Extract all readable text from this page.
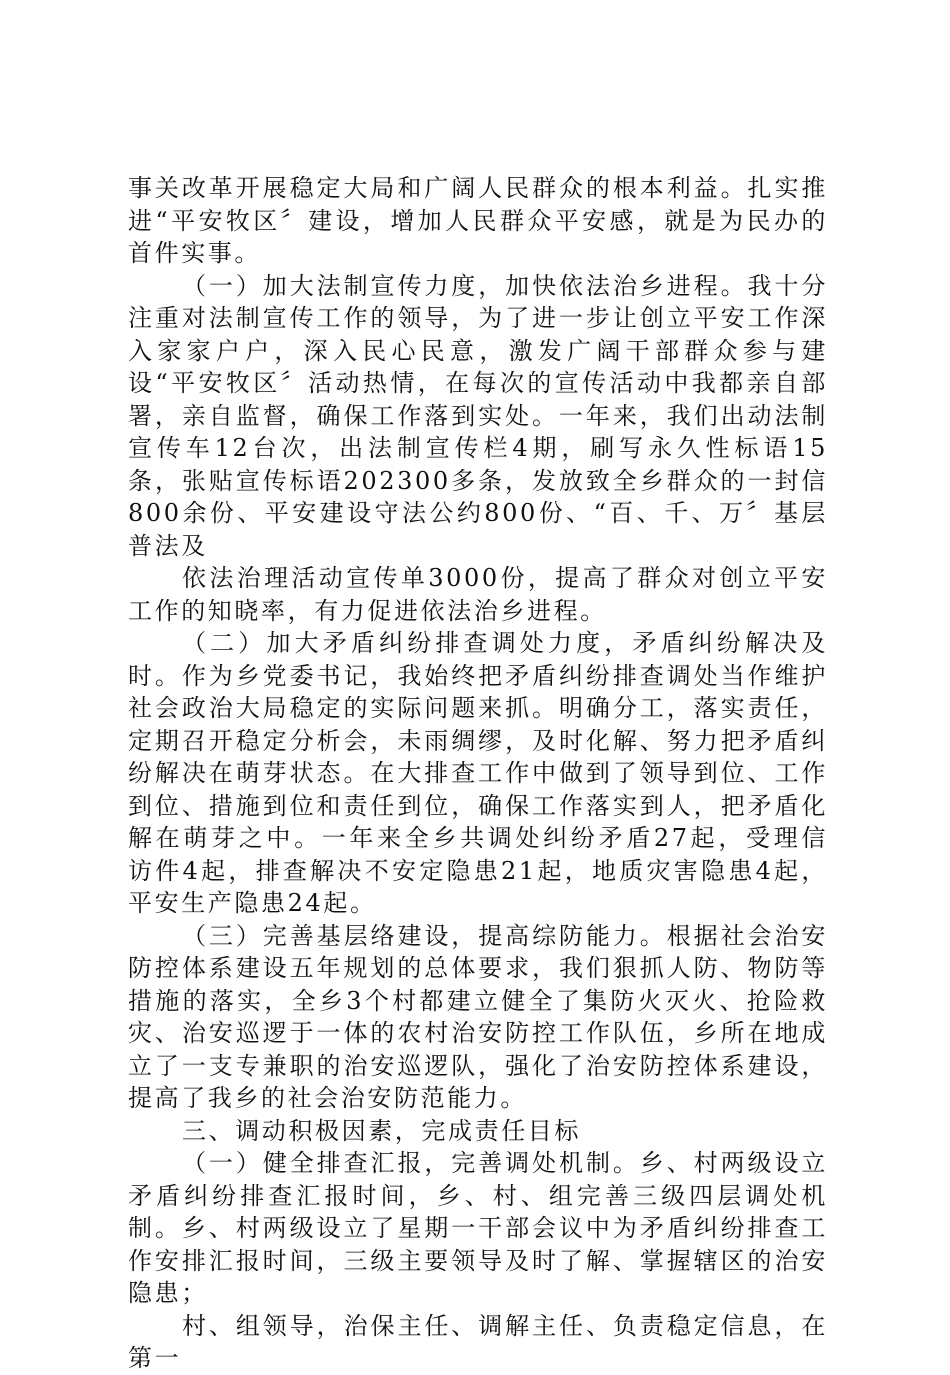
事关改革开展稳定大局和广阔人民群众的根本利益。扎实推进“平安牧区〞建设，增加人民群众平安感，就是为民办的首件实事。

（一）加大法制宣传力度，加快依法治乡进程。我十分注重对法制宣传工作的领导，为了进一步让创立平安工作深入家家户户，深入民心民意，激发广阔干部群众参与建设“平安牧区〞活动热情，在每次的宣传活动中我都亲自部署，亲自监督，确保工作落到实处。一年来，我们出动法制宣传车12台次，出法制宣传栏4期，刷写永久性标语15条，张贴宣传标语202300多条，发放致全乡群众的一封信800余份、平安建设守法公约800份、“百、千、万〞基层普法及

依法治理活动宣传单3000份，提高了群众对创立平安工作的知晓率，有力促进依法治乡进程。

（二）加大矛盾纠纷排查调处力度，矛盾纠纷解决及时。作为乡党委书记，我始终把矛盾纠纷排查调处当作维护社会政治大局稳定的实际问题来抓。明确分工，落实责任，定期召开稳定分析会，未雨绸缪，及时化解、努力把矛盾纠纷解决在萌芽状态。在大排查工作中做到了领导到位、工作到位、措施到位和责任到位，确保工作落实到人，把矛盾化解在萌芽之中。一年来全乡共调处纠纷矛盾27起，受理信访件4起，排查解决不安定隐患21起，地质灾害隐患4起，平安生产隐患24起。

（三）完善基层络建设，提高综防能力。根据社会治安防控体系建设五年规划的总体要求，我们狠抓人防、物防等措施的落实，全乡3个村都建立健全了集防火灭火、抢险救灾、治安巡逻于一体的农村治安防控工作队伍，乡所在地成立了一支专兼职的治安巡逻队，强化了治安防控体系建设，提高了我乡的社会治安防范能力。

三、调动积极因素，完成责任目标

（一）健全排查汇报，完善调处机制。乡、村两级设立矛盾纠纷排查汇报时间，乡、村、组完善三级四层调处机制。乡、村两级设立了星期一干部会议中为矛盾纠纷排查工作安排汇报时间，三级主要领导及时了解、掌握辖区的治安隐患；

村、组领导，治保主任、调解主任、负责稳定信息，在第一
